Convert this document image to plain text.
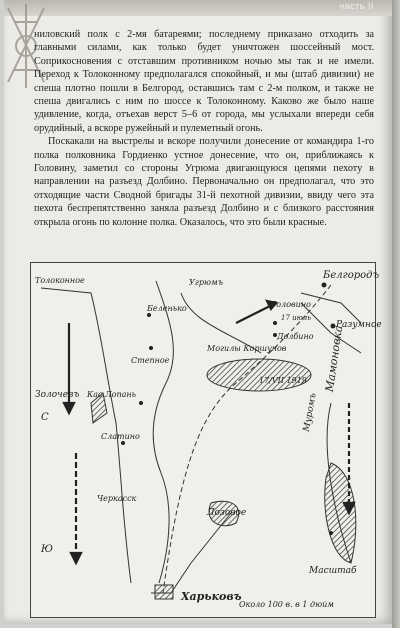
часть II

ниловский полк с 2-мя батареями; последнему приказано отходить за главными силами, как только будет уничтожен шоссейный мост. Соприкосновения с отставшим противником ночью мы так и не имели. Переход к Толоконному предполагался спокойный, и мы (штаб дивизии) не спеша плотно пошли в Белгород, оставшись там с 2-м полком, и также не спеша двигались с ним по шоссе к Толоконному. Каково же было наше удивление, когда, отъехав верст 5–6 от города, мы услыхали впереди себя орудийный, а вскоре ружейный и пулеметный огонь.

Поскакали на выстрелы и вскоре получили донесение от командира 1-го полка полковника Гордиенко устное донесение, что он, приближаясь к Головину, заметил со стороны Угрюма двигающуюся цепями пехоту в направлении на разъезд Долбино. Первоначально он предполагал, что это отходящие части Сводной бригады 31-й пехотной дивизии, ввиду чего эта пехота беспрепятственно заняла разъезд Долбино и с близкого расстояния открыла огонь по колонне полка. Оказалось, что это были красные.

Белгородъ
Разумное
Харьковъ
Золочевъ	Муромъ
Мамоновка
Степное
Толоконное
Кас.Лопань
Могилы Коршунов
Беленько
Угрюмъ
Головино
Долбино
Слатино
Черкасск
Лозовое
17/VII 1919
17 июль
С
Ю
Масштаб
Около 100 в. в 1 дюйм
